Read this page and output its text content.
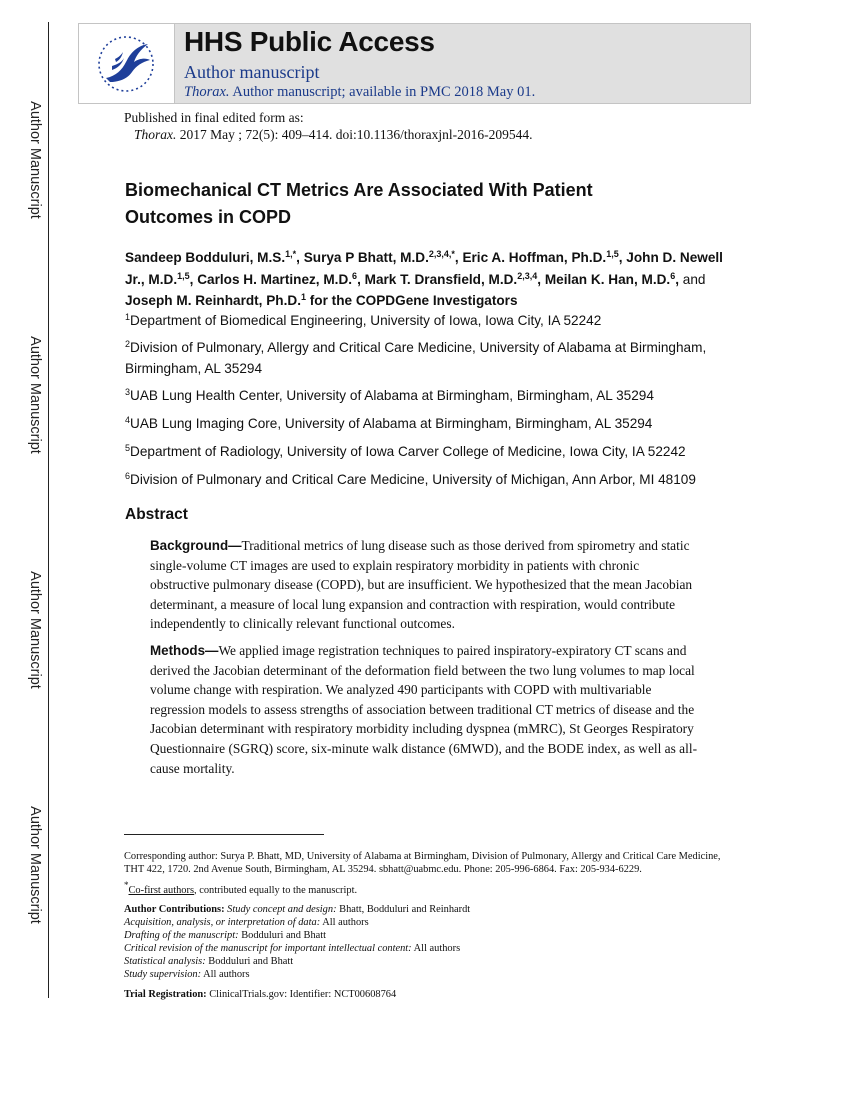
Author Manuscript
Author Manuscript
Author Manuscript
Author Manuscript
HHS Public Access
Author manuscript
Thorax. Author manuscript; available in PMC 2018 May 01.
Published in final edited form as:
Thorax. 2017 May ; 72(5): 409–414. doi:10.1136/thoraxjnl-2016-209544.
Biomechanical CT Metrics Are Associated With Patient Outcomes in COPD
Sandeep Bodduluri, M.S.$^{1,*}$, Surya P Bhatt, M.D.$^{2,3,4,*}$, Eric A. Hoffman, Ph.D.$^{1,5}$, John D. Newell Jr., M.D.$^{1,5}$, Carlos H. Martinez, M.D.$^6$, Mark T. Dransfield, M.D.$^{2,3,4}$, Meilan K. Han, M.D.$^6$, and Joseph M. Reinhardt, Ph.D.$^1$ for the COPDGene Investigators
$^1$Department of Biomedical Engineering, University of Iowa, Iowa City, IA 52242
$^2$Division of Pulmonary, Allergy and Critical Care Medicine, University of Alabama at Birmingham, Birmingham, AL 35294
$^3$UAB Lung Health Center, University of Alabama at Birmingham, Birmingham, AL 35294
$^4$UAB Lung Imaging Core, University of Alabama at Birmingham, Birmingham, AL 35294
$^5$Department of Radiology, University of Iowa Carver College of Medicine, Iowa City, IA 52242
$^6$Division of Pulmonary and Critical Care Medicine, University of Michigan, Ann Arbor, MI 48109
Abstract
Background—Traditional metrics of lung disease such as those derived from spirometry and static single-volume CT images are used to explain respiratory morbidity in patients with chronic obstructive pulmonary disease (COPD), but are insufficient. We hypothesized that the mean Jacobian determinant, a measure of local lung expansion and contraction with respiration, would contribute independently to clinically relevant functional outcomes.
Methods—We applied image registration techniques to paired inspiratory-expiratory CT scans and derived the Jacobian determinant of the deformation field between the two lung volumes to map local volume change with respiration. We analyzed 490 participants with COPD with multivariable regression models to assess strengths of association between traditional CT metrics of disease and the Jacobian determinant with respiratory morbidity including dyspnea (mMRC), St Georges Respiratory Questionnaire (SGRQ) score, six-minute walk distance (6MWD), and the BODE index, as well as all-cause mortality.
Corresponding author: Surya P. Bhatt, MD, University of Alabama at Birmingham, Division of Pulmonary, Allergy and Critical Care Medicine, THT 422, 1720. 2nd Avenue South, Birmingham, AL 35294. sbhatt@uabmc.edu. Phone: 205-996-6864. Fax: 205-934-6229.
*Co-first authors, contributed equally to the manuscript.
Author Contributions: Study concept and design: Bhatt, Bodduluri and Reinhardt
Acquisition, analysis, or interpretation of data: All authors
Drafting of the manuscript: Bodduluri and Bhatt
Critical revision of the manuscript for important intellectual content: All authors
Statistical analysis: Bodduluri and Bhatt
Study supervision: All authors
Trial Registration: ClinicalTrials.gov: Identifier: NCT00608764
